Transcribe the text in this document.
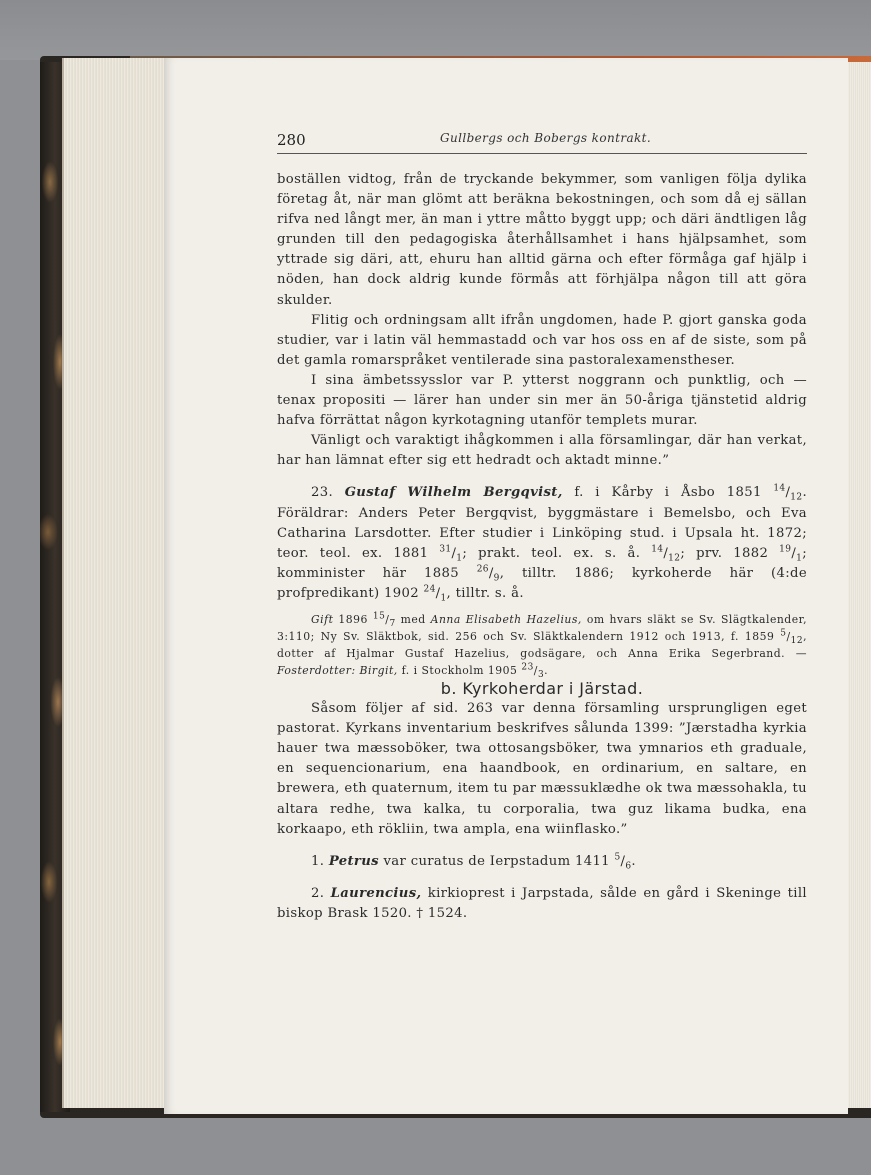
280	Gullbergs och Bobergs kontrakt.

boställen vidtog, från de tryckande bekymmer, som vanligen följa dylika företag åt, när man glömt att beräkna bekostningen, och som då ej sällan rifva ned långt mer, än man i yttre måtto byggt upp; och däri ändtligen låg grunden till den pedagogiska återhållsamhet i hans hjälpsamhet, som yttrade sig däri, att, ehuru han alltid gärna och efter förmåga gaf hjälp i nöden, han dock aldrig kunde förmås att förhjälpa någon till att göra skulder.

Flitig och ordningsam allt ifrån ungdomen, hade P. gjort ganska goda studier, var i latin väl hemmastadd och var hos oss en af de siste, som på det gamla romarspråket ventilerade sina pastoralexamenstheser.

I sina ämbetssysslor var P. ytterst noggrann och punktlig, och — tenax propositi — lärer han under sin mer än 50-åriga tjänstetid aldrig hafva förrättat någon kyrkotagning utanför templets murar.

Vänligt och varaktigt ihågkommen i alla församlingar, där han verkat, har han lämnat efter sig ett hedradt och aktadt minne.”

23. Gustaf Wilhelm Bergqvist, f. i Kårby i Åsbo 1851 $^{14}/_{12}$. Föräldrar: Anders Peter Bergqvist, byggmästare i Bemelsbo, och Eva Catharina Larsdotter. Efter studier i Linköping stud. i Upsala ht. 1872; teor. teol. ex. 1881 $^{31}/_1$; prakt. teol. ex. s. å. $^{14}/_{12}$; prv. 1882 $^{19}/_1$; komminister här 1885 $^{26}/_9$, tilltr. 1886; kyrkoherde här (4:de profpredikant) 1902 $^{24}/_1$, tilltr. s. å.

Gift 1896 $^{15}/_7$ med Anna Elisabeth Hazelius, om hvars släkt se Sv. Slägtkalender, 3:110; Ny Sv. Släktbok, sid. 256 och Sv. Släktkalendern 1912 och 1913, f. 1859 $^5/_{12}$, dotter af Hjalmar Gustaf Hazelius, godsägare, och Anna Erika Segerbrand. — Fosterdotter: Birgit, f. i Stockholm 1905 $^{23}/_3$.

b. Kyrkoherdar i Järstad.

Såsom följer af sid. 263 var denna församling ursprungligen eget pastorat. Kyrkans inventarium beskrifves sålunda 1399: ”Jærstadha kyrkia hauer twa mæssoböker, twa ottosangsböker, twa ymnarios eth graduale, en sequencionarium, ena haandbook, en ordinarium, en saltare, en brewera, eth quaternum, item tu par mæssuklædhe ok twa mæssohakla, tu altara redhe, twa kalka, tu corporalia, twa guz likama budka, ena korkaapo, eth rökliin, twa ampla, ena wiinflasko.”

1. Petrus var curatus de Ierpstadum 1411 $^5/_6$.

2. Laurencius, kirkioprest i Jarpstada, sålde en gård i Skeninge till biskop Brask 1520. † 1524.
